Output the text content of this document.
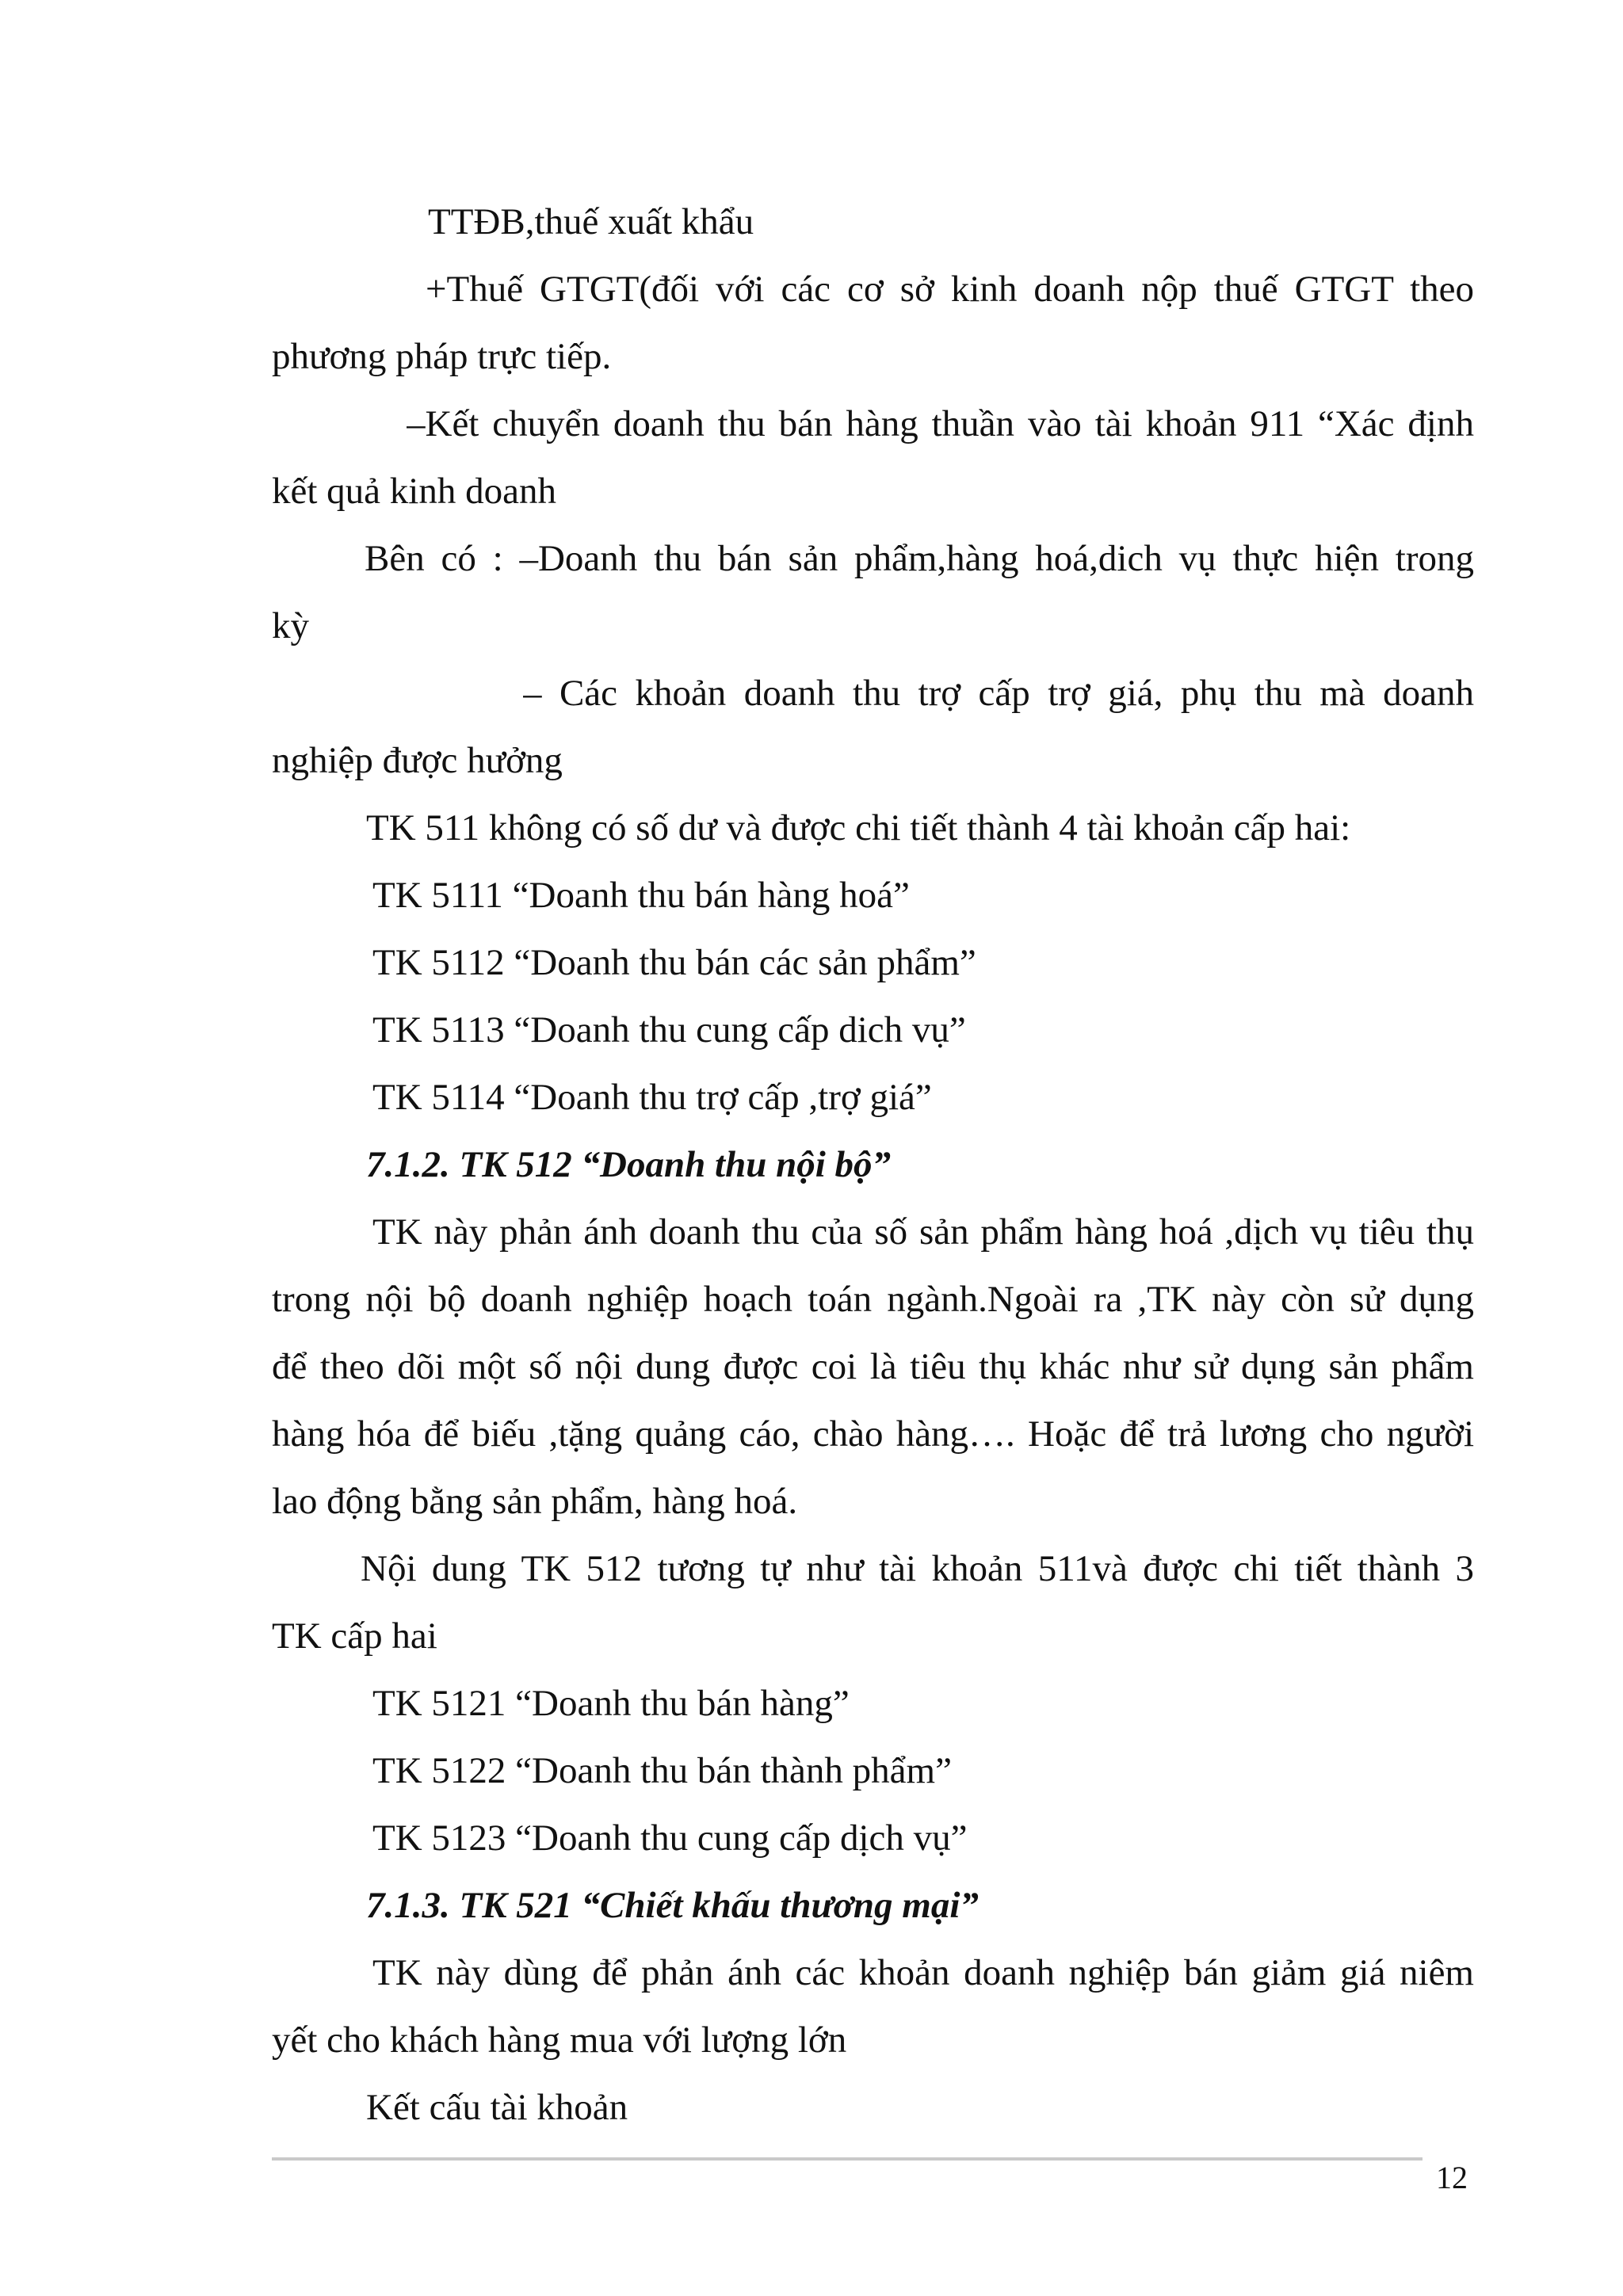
TTĐB,thuế xuất khẩu

+Thuế GTGT(đối với các cơ sở kinh doanh nộp thuế GTGT theo

phương pháp trực tiếp.

–Kết chuyển doanh thu bán hàng thuần vào tài khoản 911 “Xác định

kết quả kinh doanh

Bên có : –Doanh thu bán sản phẩm,hàng hoá,dich vụ thực hiện trong

kỳ

– Các khoản doanh thu trợ cấp trợ giá, phụ thu mà doanh

nghiệp được hưởng

TK 511 không có số dư và được chi tiết thành 4 tài khoản cấp hai:

TK 5111 “Doanh thu bán hàng hoá”

TK 5112 “Doanh thu bán các sản phẩm”

TK 5113 “Doanh thu cung cấp dich vụ”

TK 5114 “Doanh thu trợ cấp ,trợ giá”

7.1.2. TK 512 “Doanh thu nội bộ”

TK này phản ánh doanh thu của số sản phẩm hàng hoá ,dịch vụ tiêu thụ

trong nội bộ doanh nghiệp hoạch toán ngành.Ngoài ra ,TK này còn sử dụng

để theo dõi một số nội dung được coi là tiêu thụ khác như sử dụng sản phẩm

hàng hóa để biếu ,tặng quảng cáo, chào hàng…. Hoặc để trả lương cho người

lao động bằng sản phẩm, hàng hoá.

Nội dung TK 512 tương tự như tài khoản 511và được chi tiết thành 3

TK cấp hai

TK 5121 “Doanh thu bán hàng”

TK 5122 “Doanh thu bán thành phẩm”

TK 5123 “Doanh thu cung cấp dịch vụ”

7.1.3. TK 521 “Chiết khấu thương mại”

TK này dùng để phản ánh các khoản doanh nghiệp bán giảm giá niêm

yết cho khách hàng mua với lượng lớn

Kết cấu tài khoản

12
